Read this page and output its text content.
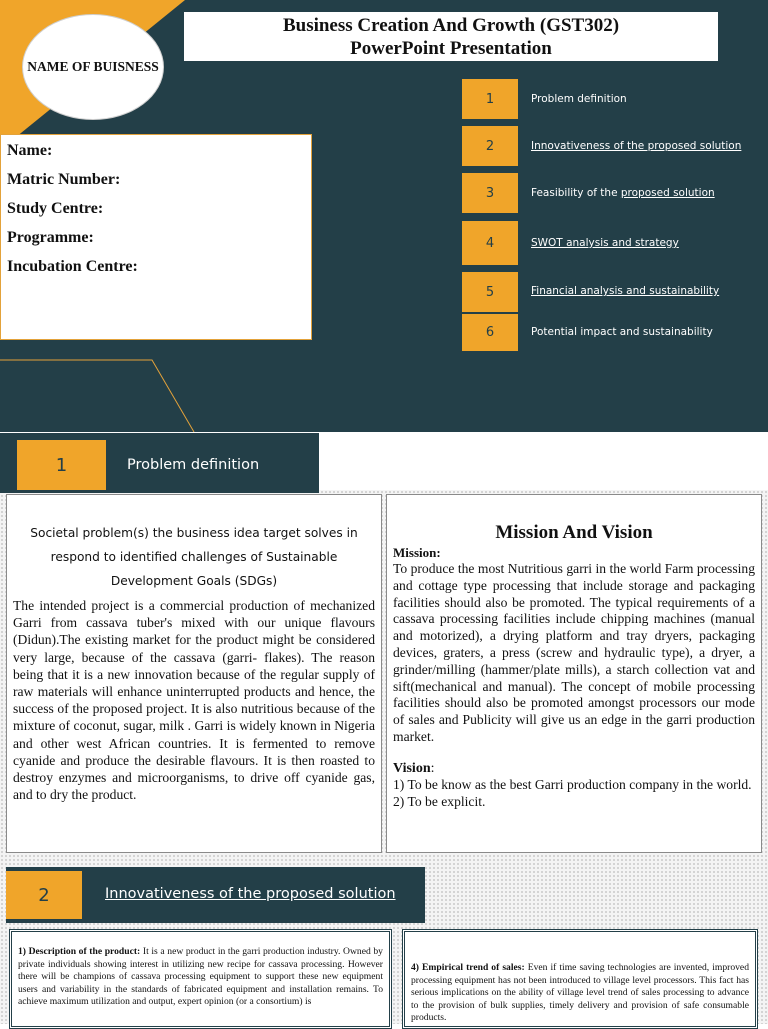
NAME OF BUISNESS
Business Creation And Growth (GST302)
PowerPoint Presentation
Name:
Matric Number:
Study Centre:
Programme:
Incubation Centre:
1	Problem definition
2	Innovativeness of the proposed solution
3	Feasibility of the proposed solution
4	SWOT analysis and strategy
5	Financial analysis and sustainability
6	Potential impact and sustainability
1	Problem definition
Societal problem(s) the business idea target solves in respond to identified challenges of Sustainable Development Goals (SDGs)
The intended project is a commercial production of mechanized Garri from cassava tuber's mixed with our unique flavours (Didun).The existing market for the product might be considered very large, because of the cassava (garri- flakes). The reason being that it is a new innovation because of the regular supply of raw materials will enhance uninterrupted products and hence, the success of the proposed project. It is also nutritious because of the mixture of coconut, sugar, milk . Garri is widely known in Nigeria and other west African countries. It is fermented to remove cyanide and produce the desirable flavours. It is then roasted to destroy enzymes and microorganisms, to drive off cyanide gas, and to dry the product.
Mission And Vision
Mission:
To produce the most Nutritious garri in the world Farm processing and cottage type processing that include storage and packaging facilities should also be promoted. The typical requirements of a cassava processing facilities include chipping machines (manual and motorized), a drying platform and tray dryers, packaging devices, graters, a press (screw and hydraulic type), a dryer, a grinder/milling (hammer/plate mills), a starch collection vat and sift(mechanical and manual). The concept of mobile processing facilities should also be promoted amongst processors our mode of sales and Publicity will give us an edge in the garri production market.
Vision:
1) To be know as the best Garri production company in the world.
2) To be explicit.
2	Innovativeness of the proposed solution
1) Description of the product: It is a new product in the garri production industry. Owned by private individuals showing interest in utilizing new recipe for cassava processing. However there will be champions of cassava processing equipment to support these new equipment users and variability in the standards of fabricated equipment and installation remains. To achieve maximum utilization and output, expert opinion (or a consortium) is
4) Empirical trend of sales: Even if time saving technologies are invented, improved processing equipment has not been introduced to village level processors. This fact has serious implications on the ability of village level trend of sales processing to advance to the provision of bulk supplies, timely delivery and provision of safe consumable products.
